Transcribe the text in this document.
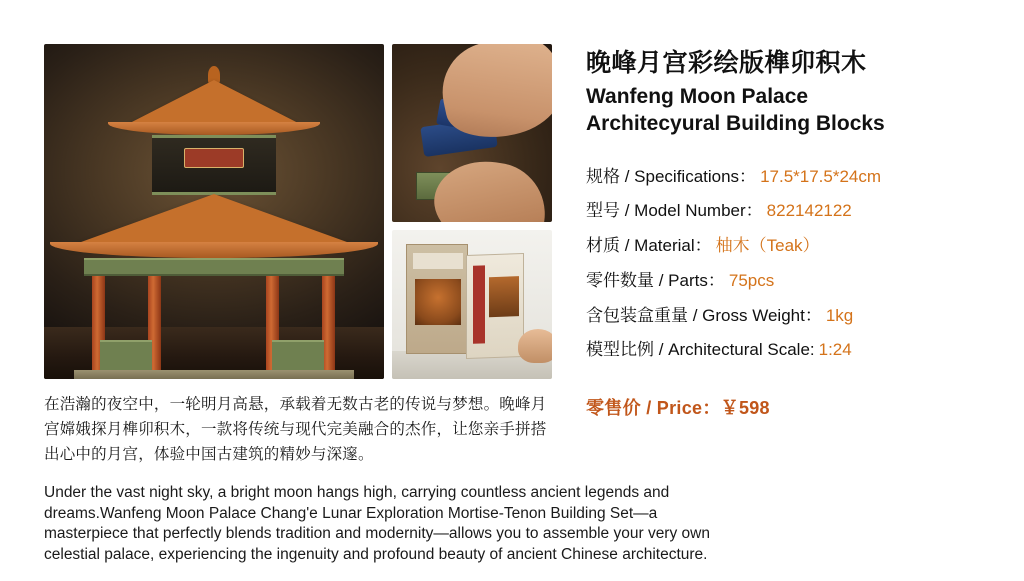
在浩瀚的夜空中，一轮明月高悬，承载着无数古老的传说与梦想。晚峰月宫嫦娥探月榫卯积木，一款将传统与现代完美融合的杰作，让您亲手拼搭出心中的月宫，体验中国古建筑的精妙与深邃。

Under the vast night sky, a bright moon hangs high, carrying countless ancient legends and dreams.Wanfeng Moon Palace Chang'e Lunar Exploration Mortise-Tenon Building Set—a masterpiece that perfectly blends tradition and modernity—allows you to assemble your very own celestial palace, experiencing the ingenuity and profound beauty of ancient Chinese architecture.

晚峰月宫彩绘版榫卯积木
Wanfeng Moon Palace
Architecyural Building Blocks
规格 / Specifications： 17.5*17.5*24cm
型号 / Model Number： 822142122
材质 / Material： 柚木（Teak）
零件数量 / Parts： 75pcs
含包装盒重量 / Gross Weight： 1kg
模型比例 / Architectural Scale: 1:24
零售价 / Price：￥598
